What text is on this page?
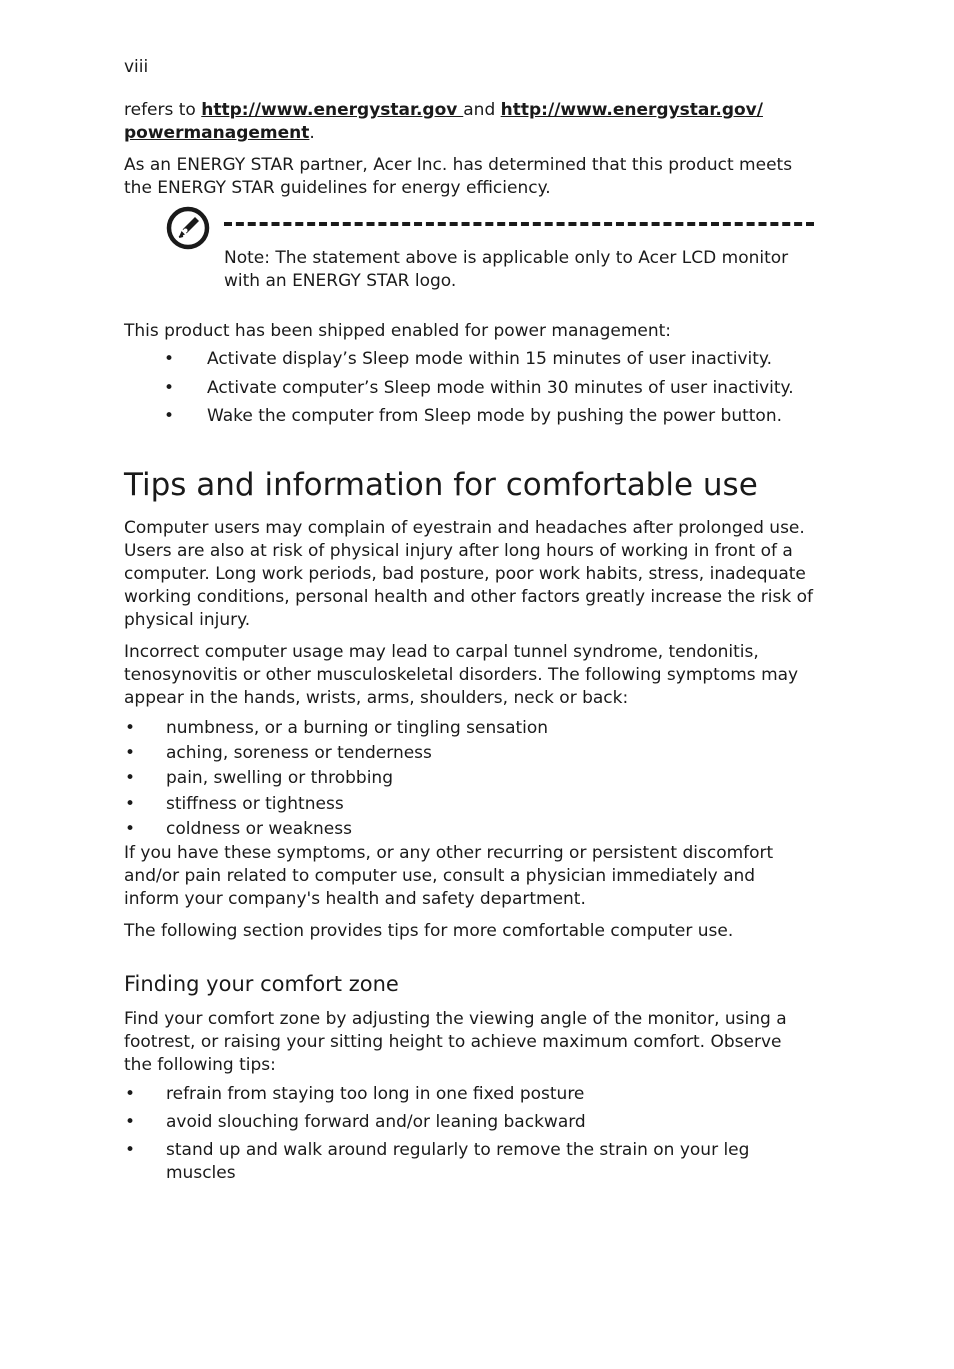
viii

refers to http://www.energystar.gov and http://www.energystar.gov/ powermanagement.

As an ENERGY STAR partner, Acer Inc. has determined that this product meets the ENERGY STAR guidelines for energy efficiency.

Note: The statement above is applicable only to Acer LCD monitor with an ENERGY STAR logo.

This product has been shipped enabled for power management:

• Activate display’s Sleep mode within 15 minutes of user inactivity.
• Activate computer’s Sleep mode within 30 minutes of user inactivity.
• Wake the computer from Sleep mode by pushing the power button.
Tips and information for comfortable use

Computer users may complain of eyestrain and headaches after prolonged use. Users are also at risk of physical injury after long hours of working in front of a computer. Long work periods, bad posture, poor work habits, stress, inadequate working conditions, personal health and other factors greatly increase the risk of physical injury.

Incorrect computer usage may lead to carpal tunnel syndrome, tendonitis, tenosynovitis or other musculoskeletal disorders. The following symptoms may appear in the hands, wrists, arms, shoulders, neck or back:

• numbness, or a burning or tingling sensation
• aching, soreness or tenderness
• pain, swelling or throbbing
• stiffness or tightness
• coldness or weakness

If you have these symptoms, or any other recurring or persistent discomfort and/or pain related to computer use, consult a physician immediately and inform your company's health and safety department.

The following section provides tips for more comfortable computer use.

Finding your comfort zone

Find your comfort zone by adjusting the viewing angle of the monitor, using a footrest, or raising your sitting height to achieve maximum comfort. Observe the following tips:

• refrain from staying too long in one fixed posture
• avoid slouching forward and/or leaning backward
• stand up and walk around regularly to remove the strain on your leg muscles
